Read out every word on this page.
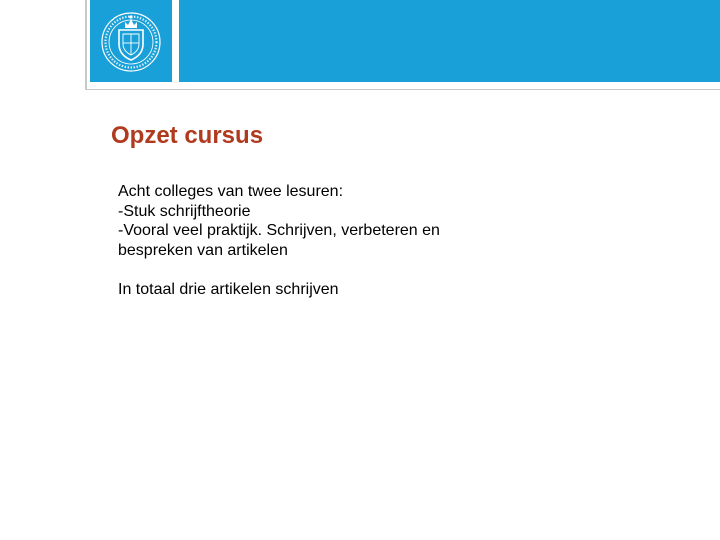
Opzet cursus
Acht colleges van twee lesuren:
-Stuk schrijftheorie
-Vooral veel praktijk. Schrijven, verbeteren en
bespreken van artikelen
In totaal drie artikelen schrijven
